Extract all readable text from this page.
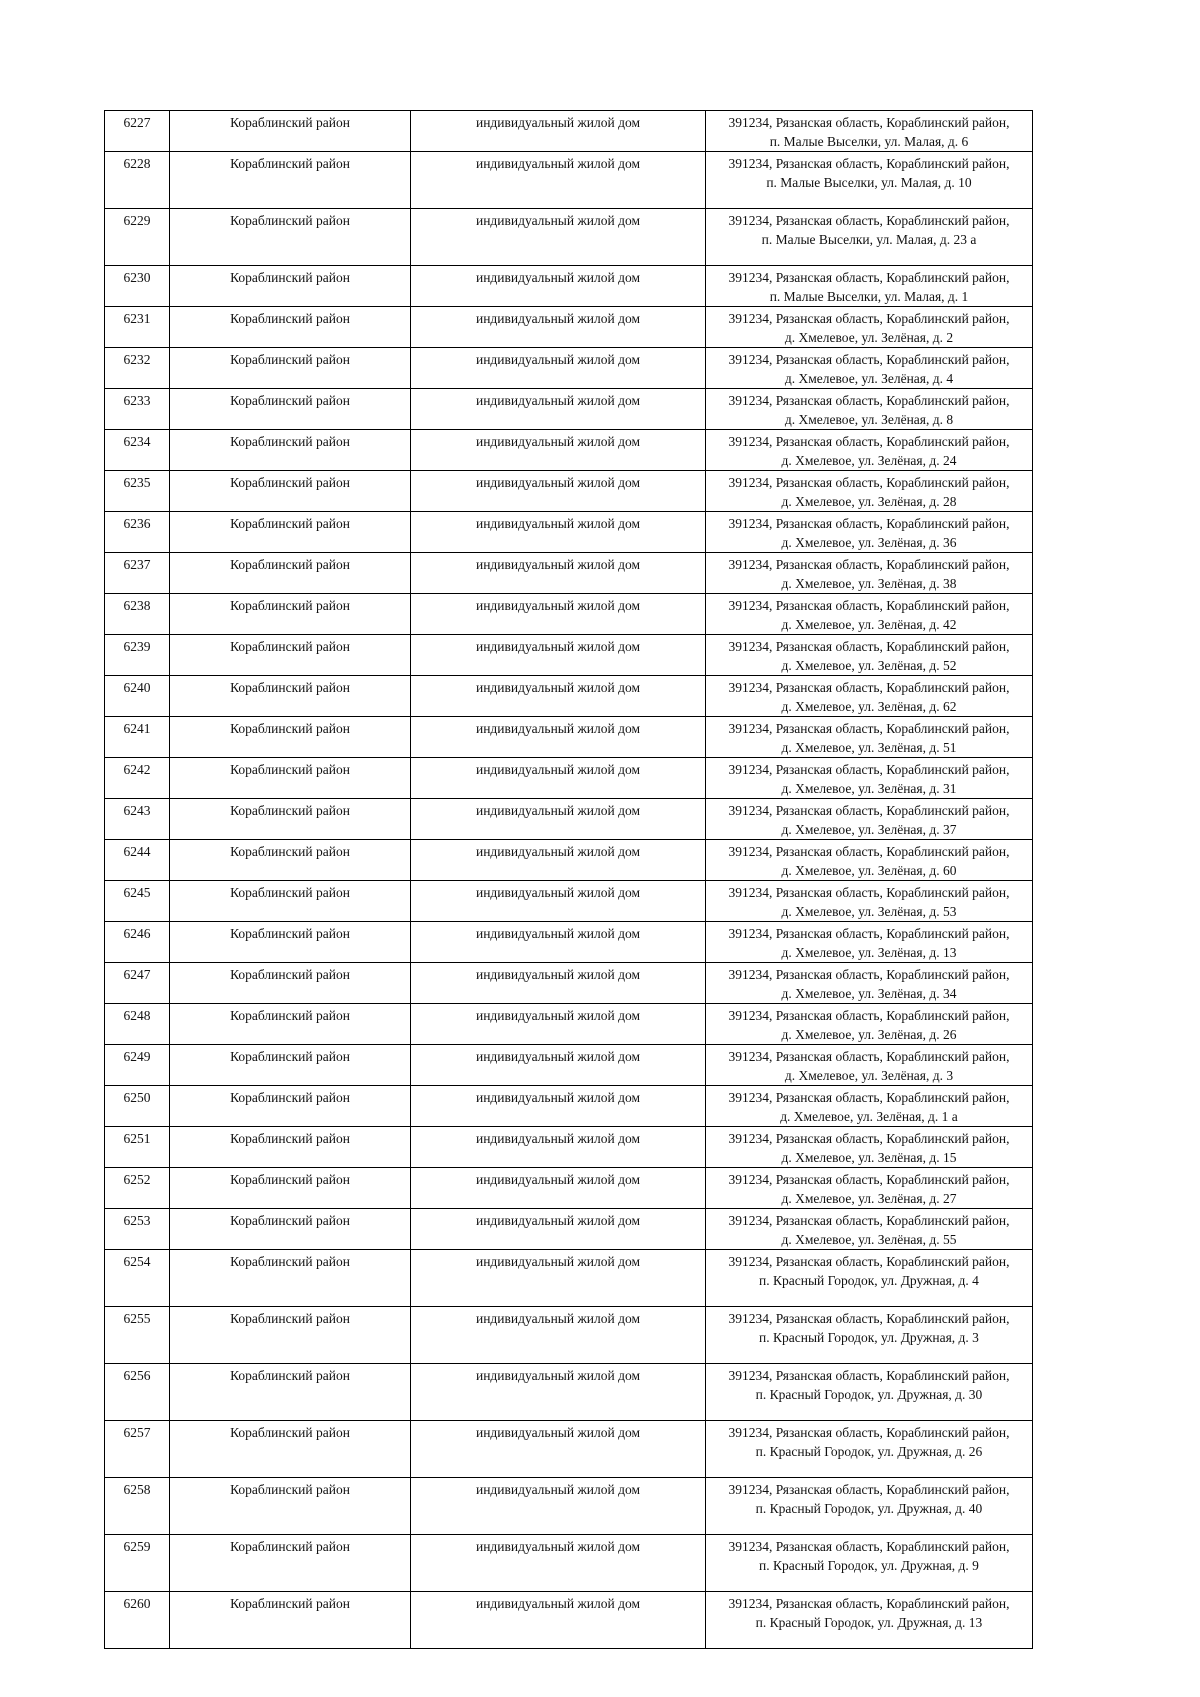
6227	Кораблинский район	индивидуальный жилой дом	391234, Рязанская область, Кораблинский район,
п. Малые Выселки, ул. Малая, д. 6

6228	Кораблинский район	индивидуальный жилой дом	391234, Рязанская область, Кораблинский район,
п. Малые Выселки, ул. Малая, д. 10

6229	Кораблинский район	индивидуальный жилой дом	391234, Рязанская область, Кораблинский район,
п. Малые Выселки, ул. Малая, д. 23 а

6230	Кораблинский район	индивидуальный жилой дом	391234, Рязанская область, Кораблинский район,
п. Малые Выселки, ул. Малая, д. 1

6231	Кораблинский район	индивидуальный жилой дом	391234, Рязанская область, Кораблинский район,
д. Хмелевое, ул. Зелёная, д. 2

6232	Кораблинский район	индивидуальный жилой дом	391234, Рязанская область, Кораблинский район,
д. Хмелевое, ул. Зелёная, д. 4

6233	Кораблинский район	индивидуальный жилой дом	391234, Рязанская область, Кораблинский район,
д. Хмелевое, ул. Зелёная, д. 8

6234	Кораблинский район	индивидуальный жилой дом	391234, Рязанская область, Кораблинский район,
д. Хмелевое, ул. Зелёная, д. 24

6235	Кораблинский район	индивидуальный жилой дом	391234, Рязанская область, Кораблинский район,
д. Хмелевое, ул. Зелёная, д. 28

6236	Кораблинский район	индивидуальный жилой дом	391234, Рязанская область, Кораблинский район,
д. Хмелевое, ул. Зелёная, д. 36

6237	Кораблинский район	индивидуальный жилой дом	391234, Рязанская область, Кораблинский район,
д. Хмелевое, ул. Зелёная, д. 38

6238	Кораблинский район	индивидуальный жилой дом	391234, Рязанская область, Кораблинский район,
д. Хмелевое, ул. Зелёная, д. 42

6239	Кораблинский район	индивидуальный жилой дом	391234, Рязанская область, Кораблинский район,
д. Хмелевое, ул. Зелёная, д. 52

6240	Кораблинский район	индивидуальный жилой дом	391234, Рязанская область, Кораблинский район,
д. Хмелевое, ул. Зелёная, д. 62

6241	Кораблинский район	индивидуальный жилой дом	391234, Рязанская область, Кораблинский район,
д. Хмелевое, ул. Зелёная, д. 51

6242	Кораблинский район	индивидуальный жилой дом	391234, Рязанская область, Кораблинский район,
д. Хмелевое, ул. Зелёная, д. 31

6243	Кораблинский район	индивидуальный жилой дом	391234, Рязанская область, Кораблинский район,
д. Хмелевое, ул. Зелёная, д. 37

6244	Кораблинский район	индивидуальный жилой дом	391234, Рязанская область, Кораблинский район,
д. Хмелевое, ул. Зелёная, д. 60

6245	Кораблинский район	индивидуальный жилой дом	391234, Рязанская область, Кораблинский район,
д. Хмелевое, ул. Зелёная, д. 53

6246	Кораблинский район	индивидуальный жилой дом	391234, Рязанская область, Кораблинский район,
д. Хмелевое, ул. Зелёная, д. 13

6247	Кораблинский район	индивидуальный жилой дом	391234, Рязанская область, Кораблинский район,
д. Хмелевое, ул. Зелёная, д. 34

6248	Кораблинский район	индивидуальный жилой дом	391234, Рязанская область, Кораблинский район,
д. Хмелевое, ул. Зелёная, д. 26

6249	Кораблинский район	индивидуальный жилой дом	391234, Рязанская область, Кораблинский район,
д. Хмелевое, ул. Зелёная, д. 3

6250	Кораблинский район	индивидуальный жилой дом	391234, Рязанская область, Кораблинский район,
д. Хмелевое, ул. Зелёная, д. 1 а

6251	Кораблинский район	индивидуальный жилой дом	391234, Рязанская область, Кораблинский район,
д. Хмелевое, ул. Зелёная, д. 15

6252	Кораблинский район	индивидуальный жилой дом	391234, Рязанская область, Кораблинский район,
д. Хмелевое, ул. Зелёная, д. 27

6253	Кораблинский район	индивидуальный жилой дом	391234, Рязанская область, Кораблинский район,
д. Хмелевое, ул. Зелёная, д. 55

6254	Кораблинский район	индивидуальный жилой дом	391234, Рязанская область, Кораблинский район,
п. Красный Городок, ул. Дружная, д. 4

6255	Кораблинский район	индивидуальный жилой дом	391234, Рязанская область, Кораблинский район,
п. Красный Городок, ул. Дружная, д. 3

6256	Кораблинский район	индивидуальный жилой дом	391234, Рязанская область, Кораблинский район,
п. Красный Городок, ул. Дружная, д. 30

6257	Кораблинский район	индивидуальный жилой дом	391234, Рязанская область, Кораблинский район,
п. Красный Городок, ул. Дружная, д. 26

6258	Кораблинский район	индивидуальный жилой дом	391234, Рязанская область, Кораблинский район,
п. Красный Городок, ул. Дружная, д. 40

6259	Кораблинский район	индивидуальный жилой дом	391234, Рязанская область, Кораблинский район,
п. Красный Городок, ул. Дружная, д. 9

6260	Кораблинский район	индивидуальный жилой дом	391234, Рязанская область, Кораблинский район,
п. Красный Городок, ул. Дружная, д. 13
